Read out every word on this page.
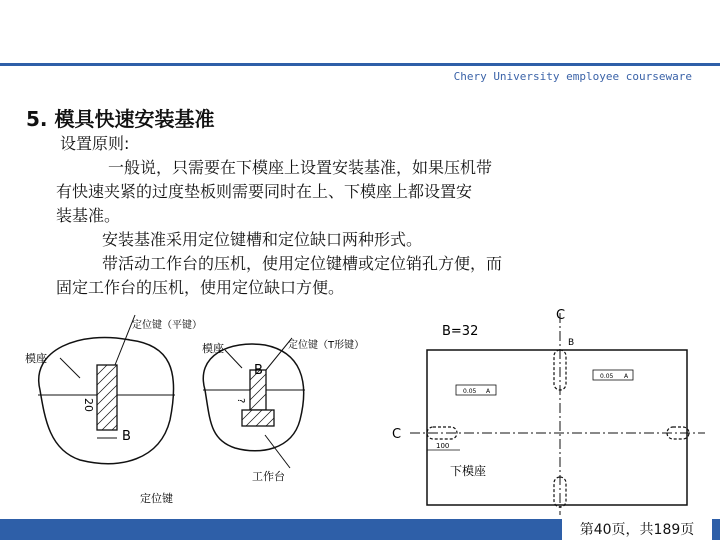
Chery University employee courseware
5. 模具快速安装基准

设置原则:

一般说，只需要在下模座上设置安装基准，如果压机带

有快速夹紧的过度垫板则需要同时在上、下模座上都设置安

装基准。

安装基准采用定位键槽和定位缺口两种形式。

带活动工作台的压机，使用定位键槽或定位销孔方便，而

固定工作台的压机，使用定位缺口方便。

定位键（平键）
模座
20
B
定位键（T形键）
模座
B
?
工作台
定位键
B=32
C
C
B
0.05 A
0.05 A
100
下模座
第40页，共189页
